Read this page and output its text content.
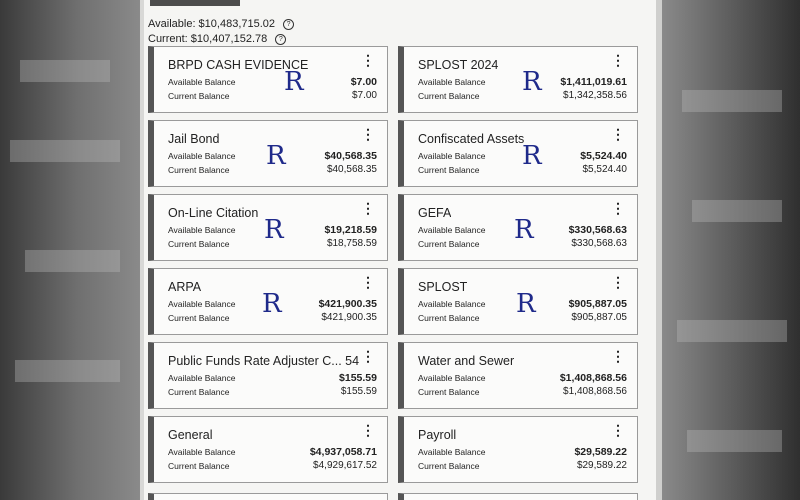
Available: $10,483,715.02 ?
Current: $10,407,152.78 ?
BRPD CASH EVIDENCE	⋮
Available Balance	$7.00
Current Balance	$7.00
R
SPLOST 2024	⋮
Available Balance	$1,411,019.61
Current Balance	$1,342,358.56
R
Jail Bond	⋮
Available Balance	$40,568.35
Current Balance	$40,568.35
R
Confiscated Assets	⋮
Available Balance	$5,524.40
Current Balance	$5,524.40
R
On-Line Citation	⋮
Available Balance	$19,218.59
Current Balance	$18,758.59
R
GEFA	⋮
Available Balance	$330,568.63
Current Balance	$330,568.63
R
ARPA	⋮
Available Balance	$421,900.35
Current Balance	$421,900.35
R
SPLOST	⋮
Available Balance	$905,887.05
Current Balance	$905,887.05
R
Public Funds Rate Adjuster C... 54 ⋮
Available Balance	$155.59
Current Balance	$155.59
Water and Sewer	⋮
Available Balance	$1,408,868.56
Current Balance	$1,408,868.56
General	⋮
Available Balance	$4,937,058.71
Current Balance	$4,929,617.52
Payroll	⋮
Available Balance	$29,589.22
Current Balance	$29,589.22
